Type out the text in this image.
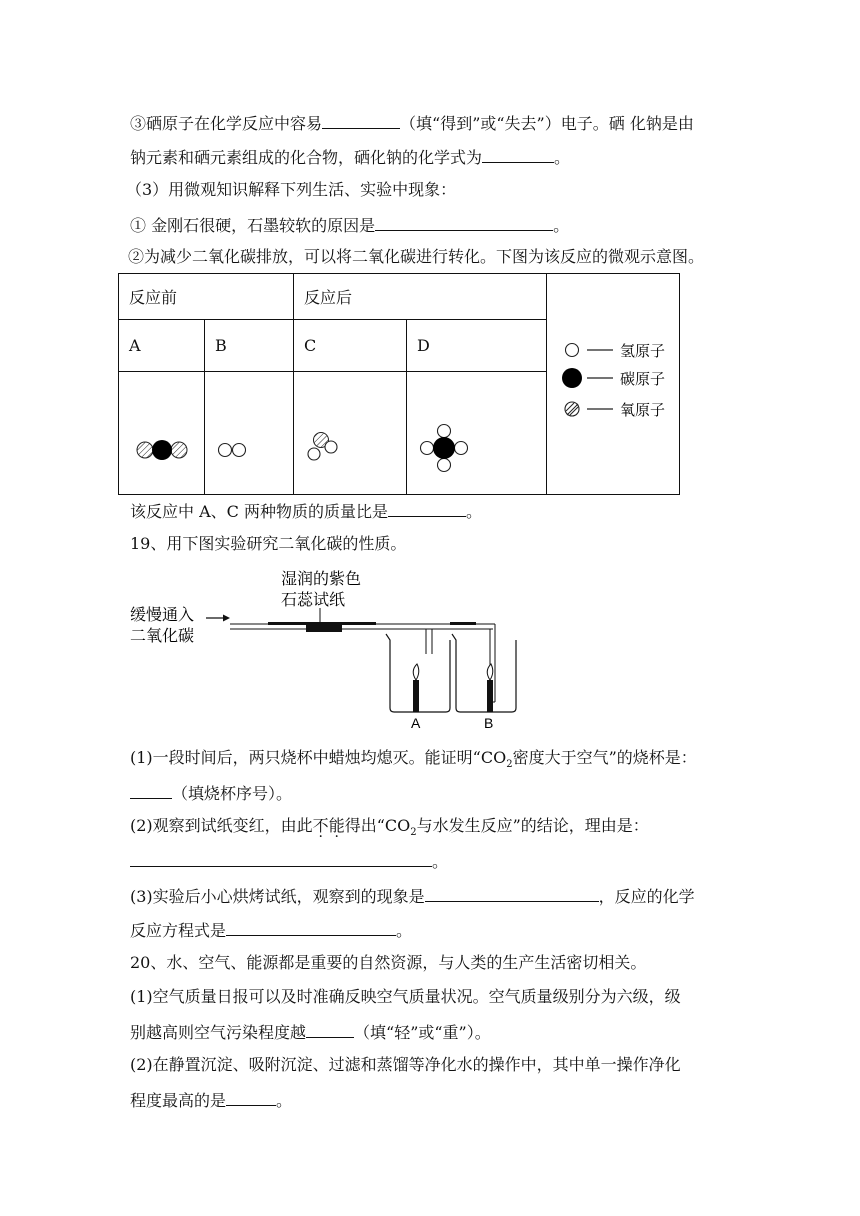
③硒原子在化学反应中容易	（填“得到”或“失去”）电子。硒 化钠是由
钠元素和硒元素组成的化合物，硒化钠的化学式为	。
（3）用微观知识解释下列生活、实验中现象：
① 金刚石很硬，石墨较软的原因是	。
②为减少二氧化碳排放，可以将二氧化碳进行转化。下图为该反应的微观示意图。
反应前		反应后		氢原子
碳原子
氧原子

A	B	C	D	

该反应中 A、C 两种物质的质量比是	。
19、用下图实验研究二氧化碳的性质。
湿润的紫色
石蕊试纸
缓慢通入
二氧化碳
A	B
(1)一段时间后，两只烧杯中蜡烛均熄灭。能证明“$CO_2$密度大于空气”的烧杯是：
（填烧杯序号）。
(2)观察到试纸变红，由此不能得出“$CO_2$与水发生反应”的结论，理由是：
。
(3)实验后小心烘烤试纸，观察到的现象是	，反应的化学
反应方程式是	。
20、水、空气、能源都是重要的自然资源，与人类的生产生活密切相关。
(1)空气质量日报可以及时准确反映空气质量状况。空气质量级别分为六级，级
别越高则空气污染程度越	（填“轻”或“重”）。
(2)在静置沉淀、吸附沉淀、过滤和蒸馏等净化水的操作中，其中单一操作净化
程度最高的是	。
